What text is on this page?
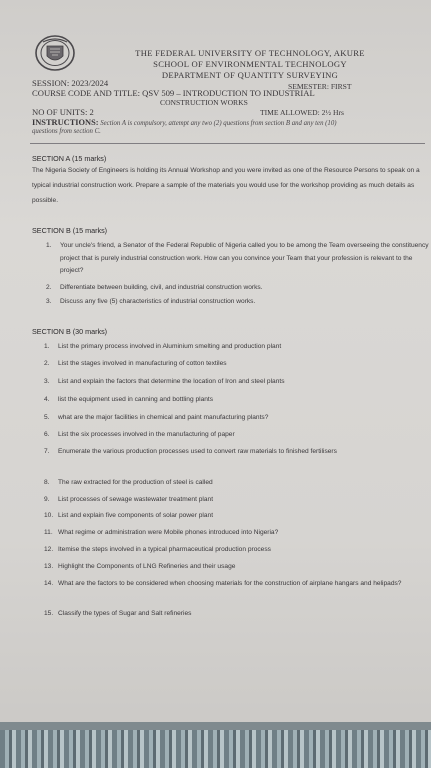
THE FEDERAL UNIVERSITY OF TECHNOLOGY, AKURE
SCHOOL OF ENVIRONMENTAL TECHNOLOGY
DEPARTMENT OF QUANTITY SURVEYING
SEMESTER: FIRST
SESSION: 2023/2024
COURSE CODE AND TITLE: QSV 509 – INTRODUCTION TO INDUSTRIAL
CONSTRUCTION WORKS
NO OF UNITS: 2	TIME ALLOWED: 2½ Hrs
INSTRUCTIONS: Section A is compulsory, attempt any two (2) questions from section B and any ten (10)
questions from section C.
SECTION A (15 marks)
The Nigeria Society of Engineers is holding its Annual Workshop and you were invited as one of the Resource Persons to speak on a typical industrial construction work. Prepare a sample of the materials you would use for the workshop providing as much details as possible.
SECTION B (15 marks)
1. Your uncle's friend, a Senator of the Federal Republic of Nigeria called you to be among the Team overseeing the constituency project that is purely industrial construction work. How can you convince your Team that your profession is relevant to the project?
2. Differentiate between building, civil, and industrial construction works.
3. Discuss any five (5) characteristics of industrial construction works.
SECTION B (30 marks)
1. List the primary process involved in Aluminium smelting and production plant
2. List the stages involved in manufacturing of cotton textiles
3. List and explain the factors that determine the location of Iron and steel plants
4. list the equipment used in canning and bottling plants
5. what are the major facilities in chemical and paint manufacturing plants?
6. List the six processes involved in the manufacturing of paper
7. Enumerate the various production processes used to convert raw materials to finished fertilisers
8. The raw extracted for the production of steel is called
9. List processes of sewage wastewater treatment plant
10. List and explain five components of solar power plant
11. What regime or administration were Mobile phones introduced into Nigeria?
12. Itemise the steps involved in a typical pharmaceutical production process
13. Highlight the Components of LNG Refineries and their usage
14. What are the factors to be considered when choosing materials for the construction of airplane hangars and helipads?
15. Classify the types of Sugar and Salt refineries
